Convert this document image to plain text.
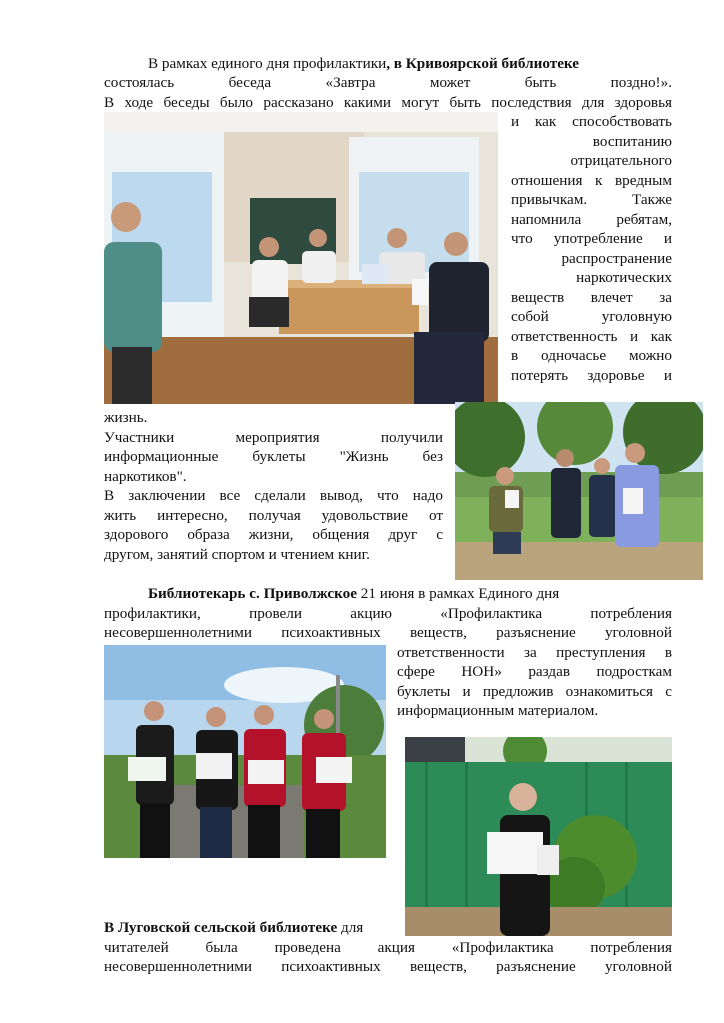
В рамках единого дня профилактики, в Кривоярской библиотеке

состоялась беседа «Завтра может быть поздно!».

В ходе беседы было рассказано какими могут быть последствия для здоровья

и как способствовать

воспитанию

отрицательного

отношения к вредным

привычкам. Также

напомнила ребятам,

что употребление и

распространение

наркотических

веществ влечет за

собой уголовную

ответственность и как

в одночасье можно

потерять здоровье и

жизнь.

Участники мероприятия получили

информационные буклеты "Жизнь без

наркотиков".

В заключении все сделали вывод, что надо

жить интересно, получая удовольствие от

здорового образа жизни, общения друг с

другом, занятий спортом и чтением книг.

Библиотекарь с. Приволжское 21 июня в рамках Единого дня

профилактики, провели акцию «Профилактика потребления

несовершеннолетними психоактивных веществ, разъяснение уголовной

ответственности за преступления в

сфере НОН» раздав подросткам

буклеты и предложив ознакомиться с

информационным материалом.

В Луговской сельской библиотеке для

читателей была проведена акция «Профилактика потребления

несовершеннолетними психоактивных веществ, разъяснение уголовной
